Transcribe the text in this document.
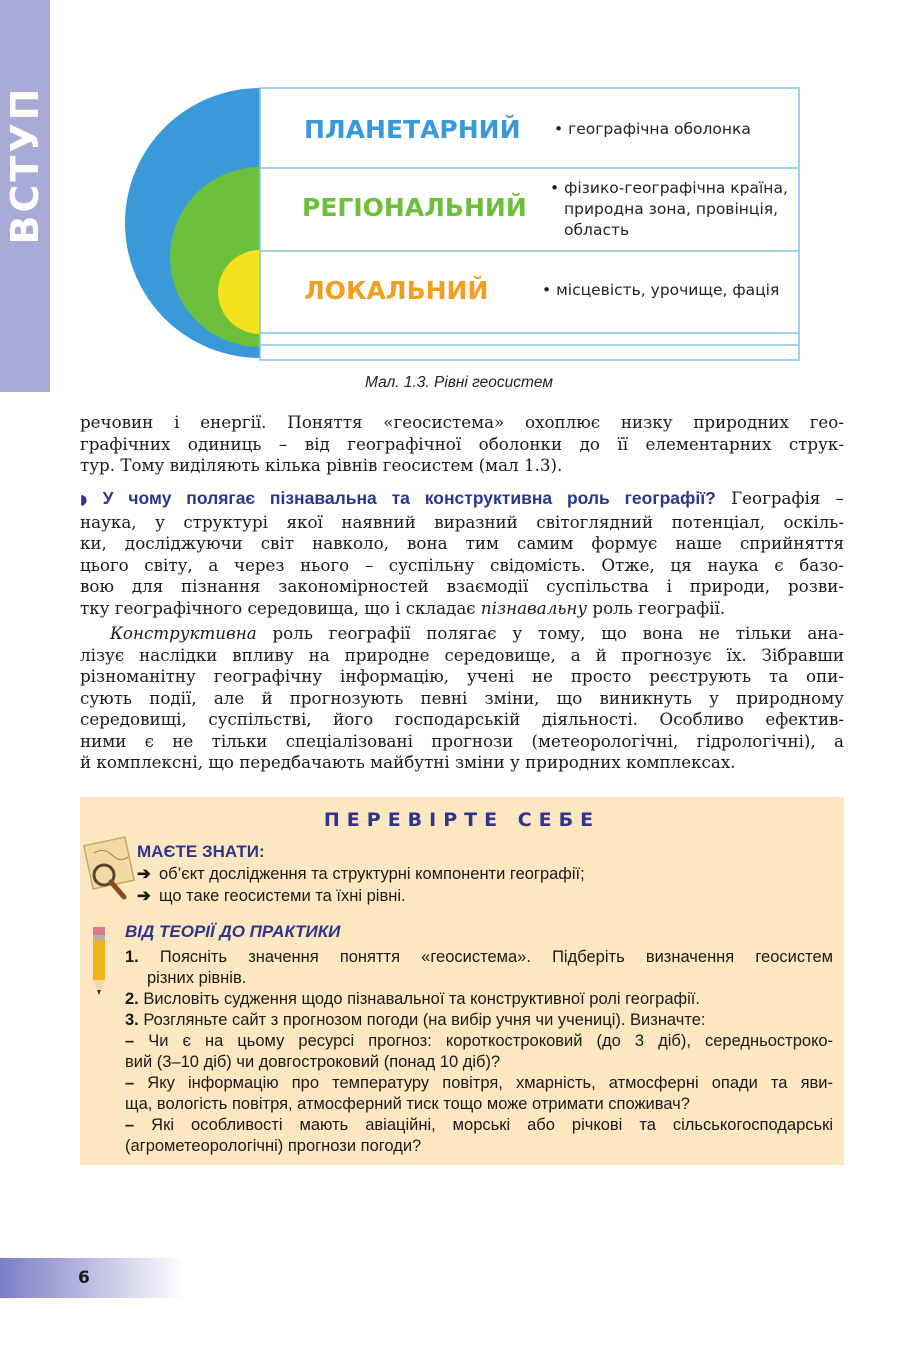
ВСТУП	ПЛАНЕТАРНИЙ • географічна оболонка
РЕГІОНАЛЬНИЙ
• фізико-географічна країна,
природна зона, провінція,
область
ЛОКАЛЬНИЙ	• місцевість, урочище, фація
Мал. 1.3. Рівні геосистем
речовин і енергії. Поняття «геосистема» охоплює низку природних гео-
графічних одиниць – від географічної оболонки до її елементарних струк-
тур. Тому виділяють кілька рівнів геосистем (мал 1.3).
◗ У чому полягає пізнавальна та конструктивна роль географії? Географія –
наука, у структурі якої наявний виразний світоглядний потенціал, оскіль-
ки, досліджуючи світ навколо, вона тим самим формує наше сприйняття
цього світу, а через нього – суспільну свідомість. Отже, ця наука є базо-
вою для пізнання закономірностей взаємодії суспільства і природи, розви-
тку географічного середовища, що і складає пізнавальну роль географії.
Конструктивна роль географії полягає у тому, що вона не тільки ана-
лізує наслідки впливу на природне середовище, а й прогнозує їх. Зібравши
різноманітну географічну інформацію, учені не просто реєструють та опи-
сують події, але й прогнозують певні зміни, що виникнуть у природному
середовищі, суспільстві, його господарській діяльності. Особливо ефектив-
ними є не тільки спеціалізовані прогнози (метеорологічні, гідрологічні), а
й комплексні, що передбачають майбутні зміни у природних комплексах.
ПЕРЕВІРТЕ СЕБЕ
МАЄТЕ ЗНАТИ:
➔ об’єкт дослідження та структурні компоненти географії;
➔ що таке геосистеми та їхні рівні.
ВІД ТЕОРІЇ ДО ПРАКТИКИ
1. Поясніть значення поняття «геосистема». Підберіть визначення геосистем
різних рівнів.
2. Висловіть судження щодо пізнавальної та конструктивної ролі географії.
3. Розгляньте сайт з прогнозом погоди (на вибір учня чи учениці). Визначте:
– Чи є на цьому ресурсі прогноз: короткостроковий (до 3 діб), середньострокo-
вий (3–10 діб) чи довгостроковий (понад 10 діб)?
– Яку інформацію про температуру повітря, хмарність, атмосферні опади та яви-
ща, вологість повітря, атмосферний тиск тощо може отримати споживач?
– Які особливості мають авіаційні, морські або річкові та сільськогосподарські
(агрометеорологічні) прогнози погоди?
6
